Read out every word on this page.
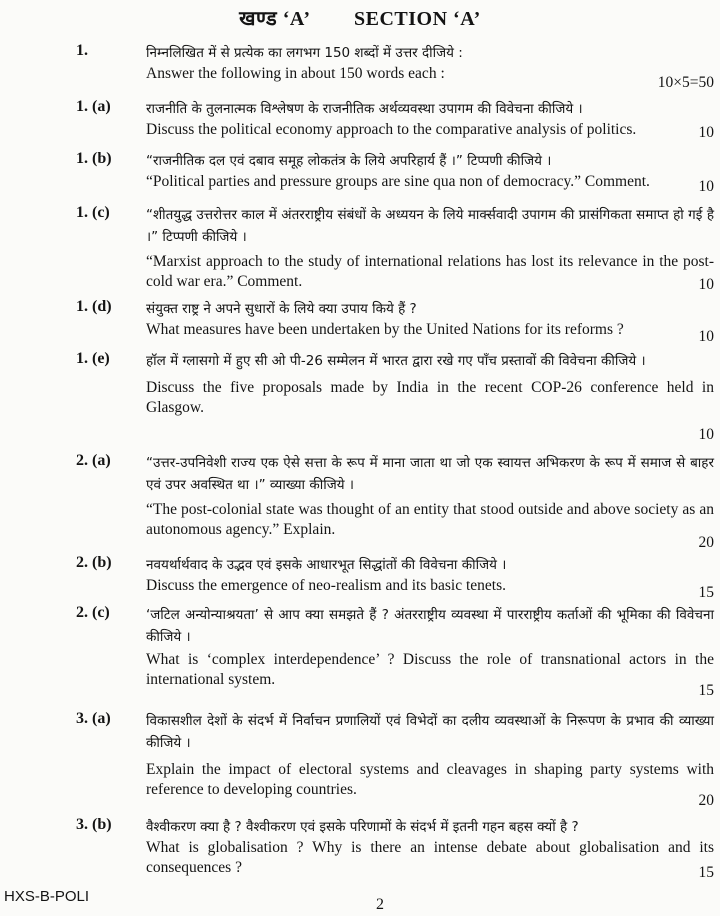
खण्ड ‘A’ SECTION ‘A’
1.	निम्नलिखित में से प्रत्येक का लगभग 150 शब्दों में उत्तर दीजिये :
Answer the following in about 150 words each :
10×5=50
1. (a)	राजनीति के तुलनात्मक विश्लेषण के राजनीतिक अर्थव्यवस्था उपागम की विवेचना कीजिये ।
Discuss the political economy approach to the comparative analysis of politics.	10
1. (b)	“राजनीतिक दल एवं दबाव समूह लोकतंत्र के लिये अपरिहार्य हैं ।” टिप्पणी कीजिये ।
“Political parties and pressure groups are sine qua non of democracy.” Comment.	10
1. (c)	“शीतयुद्ध उत्तरोत्तर काल में अंतरराष्ट्रीय संबंधों के अध्ययन के लिये मार्क्सवादी उपागम की प्रासंगिकता समाप्त हो गई है ।” टिप्पणी कीजिये ।
“Marxist approach to the study of international relations has lost its relevance in the post-cold war era.” Comment.	10
1. (d)	संयुक्त राष्ट्र ने अपने सुधारों के लिये क्या उपाय किये हैं ?
What measures have been undertaken by the United Nations for its reforms ?	10
1. (e)	हॉल में ग्लासगो में हुए सी ओ पी-26 सम्मेलन में भारत द्वारा रखे गए पाँच प्रस्तावों की विवेचना कीजिये ।
Discuss the five proposals made by India in the recent COP-26 conference held in Glasgow.
10
2. (a)	“उत्तर-उपनिवेशी राज्य एक ऐसे सत्ता के रूप में माना जाता था जो एक स्वायत्त अभिकरण के रूप में समाज से बाहर एवं उपर अवस्थित था ।” व्याख्या कीजिये ।
“The post-colonial state was thought of an entity that stood outside and above society as an autonomous agency.” Explain.
20
2. (b)	नवयर्थार्थवाद के उद्भव एवं इसके आधारभूत सिद्धांतों की विवेचना कीजिये ।
Discuss the emergence of neo-realism and its basic tenets.	15
2. (c)	‘जटिल अन्योन्याश्रयता’ से आप क्या समझते हैं ? अंतरराष्ट्रीय व्यवस्था में पारराष्ट्रीय कर्ताओं की भूमिका की विवेचना कीजिये ।
What is ‘complex interdependence’ ? Discuss the role of transnational actors in the international system.
15
3. (a)	विकासशील देशों के संदर्भ में निर्वाचन प्रणालियों एवं विभेदों का दलीय व्यवस्थाओं के निरूपण के प्रभाव की व्याख्या कीजिये ।
Explain the impact of electoral systems and cleavages in shaping party systems with reference to developing countries.
20
3. (b)	वैश्वीकरण क्या है ? वैश्वीकरण एवं इसके परिणामों के संदर्भ में इतनी गहन बहस क्यों है ?
What is globalisation ? Why is there an intense debate about globalisation and its consequences ?	15
HXS-B-POLI	2
